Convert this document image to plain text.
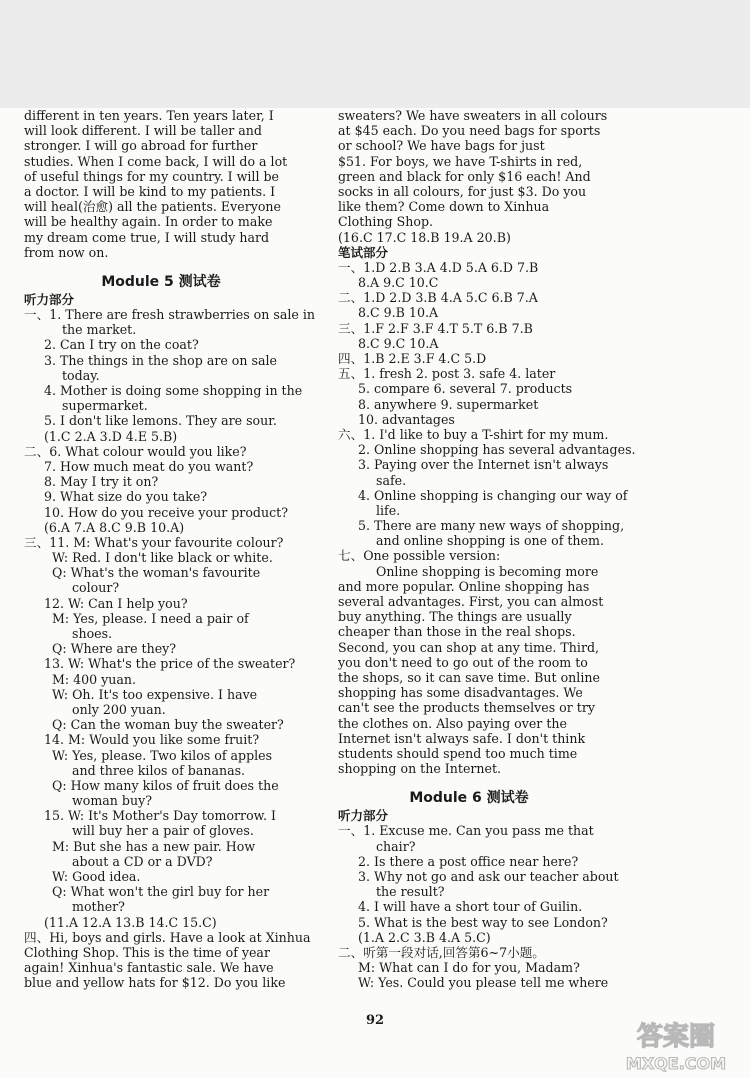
different in ten years. Ten years later, I
will look different. I will be taller and
stronger. I will go abroad for further
studies. When I come back, I will do a lot
of useful things for my country. I will be
a doctor. I will be kind to my patients. I
will heal(治愈) all the patients. Everyone
will be healthy again. In order to make
my dream come true, I will study hard
from now on.
Module 5 测试卷
听力部分
一、1. There are fresh strawberries on sale in
the market.
2. Can I try on the coat?
3. The things in the shop are on sale
today.
4. Mother is doing some shopping in the
supermarket.
5. I don't like lemons. They are sour.
(1.C 2.A 3.D 4.E 5.B)
二、6. What colour would you like?
7. How much meat do you want?
8. May I try it on?
9. What size do you take?
10. How do you receive your product?
(6.A 7.A 8.C 9.B 10.A)
三、11. M: What's your favourite colour?
W: Red. I don't like black or white.
Q: What's the woman's favourite
colour?
12. W: Can I help you?
M: Yes, please. I need a pair of
shoes.
Q: Where are they?
13. W: What's the price of the sweater?
M: 400 yuan.
W: Oh. It's too expensive. I have
only 200 yuan.
Q: Can the woman buy the sweater?
14. M: Would you like some fruit?
W: Yes, please. Two kilos of apples
and three kilos of bananas.
Q: How many kilos of fruit does the
woman buy?
15. W: It's Mother's Day tomorrow. I
will buy her a pair of gloves.
M: But she has a new pair. How
about a CD or a DVD?
W: Good idea.
Q: What won't the girl buy for her
mother?
(11.A 12.A 13.B 14.C 15.C)
四、Hi, boys and girls. Have a look at Xinhua
Clothing Shop. This is the time of year
again! Xinhua's fantastic sale. We have
blue and yellow hats for $12. Do you like
sweaters? We have sweaters in all colours
at $45 each. Do you need bags for sports
or school? We have bags for just
$51. For boys, we have T-shirts in red,
green and black for only $16 each! And
socks in all colours, for just $3. Do you
like them? Come down to Xinhua
Clothing Shop.
(16.C 17.C 18.B 19.A 20.B)
笔试部分
一、1.D 2.B 3.A 4.D 5.A 6.D 7.B
8.A 9.C 10.C
二、1.D 2.D 3.B 4.A 5.C 6.B 7.A
8.C 9.B 10.A
三、1.F 2.F 3.F 4.T 5.T 6.B 7.B
8.C 9.C 10.A
四、1.B 2.E 3.F 4.C 5.D
五、1. fresh 2. post 3. safe 4. later
5. compare 6. several 7. products
8. anywhere 9. supermarket
10. advantages
六、1. I'd like to buy a T-shirt for my mum.
2. Online shopping has several advantages.
3. Paying over the Internet isn't always
safe.
4. Online shopping is changing our way of
life.
5. There are many new ways of shopping,
and online shopping is one of them.
七、One possible version:
Online shopping is becoming more
and more popular. Online shopping has
several advantages. First, you can almost
buy anything. The things are usually
cheaper than those in the real shops.
Second, you can shop at any time. Third,
you don't need to go out of the room to
the shops, so it can save time. But online
shopping has some disadvantages. We
can't see the products themselves or try
the clothes on. Also paying over the
Internet isn't always safe. I don't think
students should spend too much time
shopping on the Internet.
Module 6 测试卷
听力部分
一、1. Excuse me. Can you pass me that
chair?
2. Is there a post office near here?
3. Why not go and ask our teacher about
the result?
4. I will have a short tour of Guilin.
5. What is the best way to see London?
(1.A 2.C 3.B 4.A 5.C)
二、听第一段对话,回答第6~7小题。
M: What can I do for you, Madam?
W: Yes. Could you please tell me where
92
答案圈
MXQE.COM
